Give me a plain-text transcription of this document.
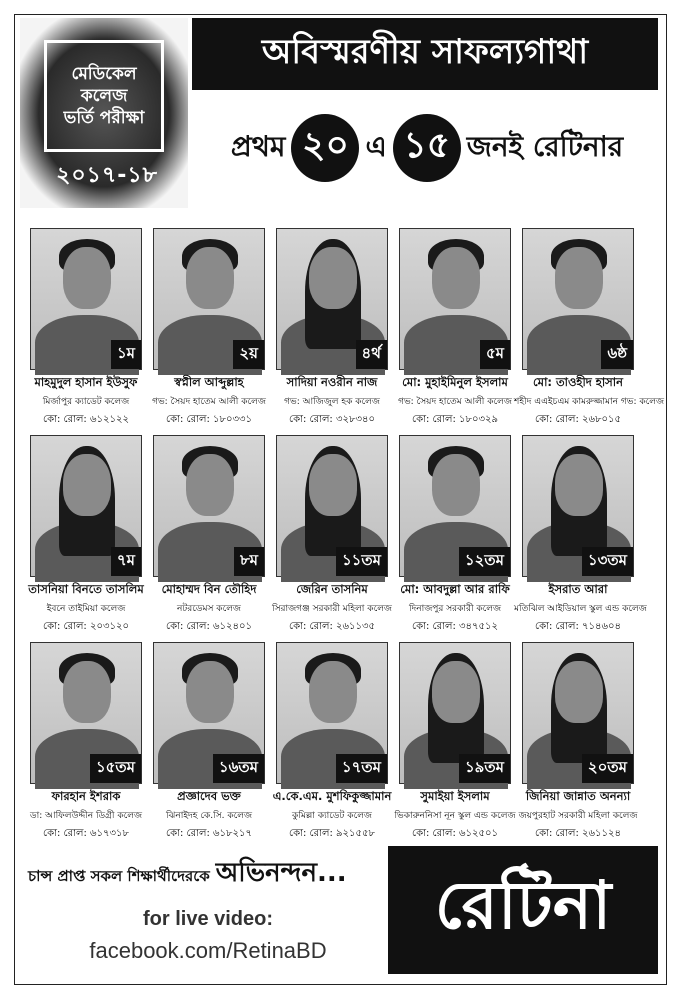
মেডিকেল
কলেজ
ভর্তি পরীক্ষা
২০১৭-১৮
অবিস্মরণীয় সাফল্যগাথা
প্রথম ২০ এ ১৫ জনই রেটিনার
১ম
মাহমুদুল হাসান ইউসুফ
মির্জাপুর ক্যাডেট কলেজ
কো: রোল: ৬১২১২২
২য়
স্বপ্নীল আব্দুল্লাহ
গভ: সৈয়দ হাতেম আলী কলেজ
কো: রোল: ১৮০৩৩১
৪র্থ
সাদিয়া নওরীন নাজ
গভ: আজিজুল হক কলেজ
কো: রোল: ৩২৮৩৪০
৫ম
মো: মুহাইমিনুল ইসলাম
গভ: সৈয়দ হাতেম আলী কলেজ
কো: রোল: ১৮০৩২৯
৬ষ্ঠ
মো: তাওহীদ হাসান
শহীদ এএইচএম কামরুজ্জামান গভ: কলেজ
কো: রোল: ২৬৮০১৫
৭ম
তাসনিয়া বিনতে তাসলিম
ইবনে তাইমিয়া কলেজ
কো: রোল: ২০৩১২০
৮ম
মোহাম্মদ বিন তৌহিদ
নটরডেমস কলেজ
কো: রোল: ৬১২৪০১
১১তম
জেরিন তাসনিম
সিরাজগঞ্জ সরকারী মহিলা কলেজ
কো: রোল: ২৬১১৩৫
১২তম
মো: আবদুল্লা আর রাফি
দিনাজপুর সরকারী কলেজ
কো: রোল: ৩৪৭৫১২
১৩তম
ইসরাত আরা
মতিঝিল আইডিয়াল স্কুল এন্ড কলেজ
কো: রোল: ৭১৪৬০৪
১৫তম
ফারহান ইশরাক
ডা: আফিলউদ্দীন ডিগ্রী কলেজ
কো: রোল: ৬১৭৩১৮
১৬তম
প্রজ্ঞাদেব ভক্ত
ঝিনাইদহ কে.সি. কলেজ
কো: রোল: ৬১৮২১৭
১৭তম
এ.কে.এম. মুশফিকুজ্জামান
কুমিল্লা ক্যাডেট কলেজ
কো: রোল: ৯২১৫৫৮
১৯তম
সুমাইয়া ইসলাম
ভিকারুননিসা নূন স্কুল এন্ড কলেজ
কো: রোল: ৬১২৫০১
২০তম
জিনিয়া জান্নাত অনন্যা
জয়পুরহাট সরকারী মহিলা কলেজ
কো: রোল: ২৬১১২৪
চান্স প্রাপ্ত সকল শিক্ষার্থীদেরকে অভিনন্দন...
for live video:
facebook.com/RetinaBD
রেটিনা
